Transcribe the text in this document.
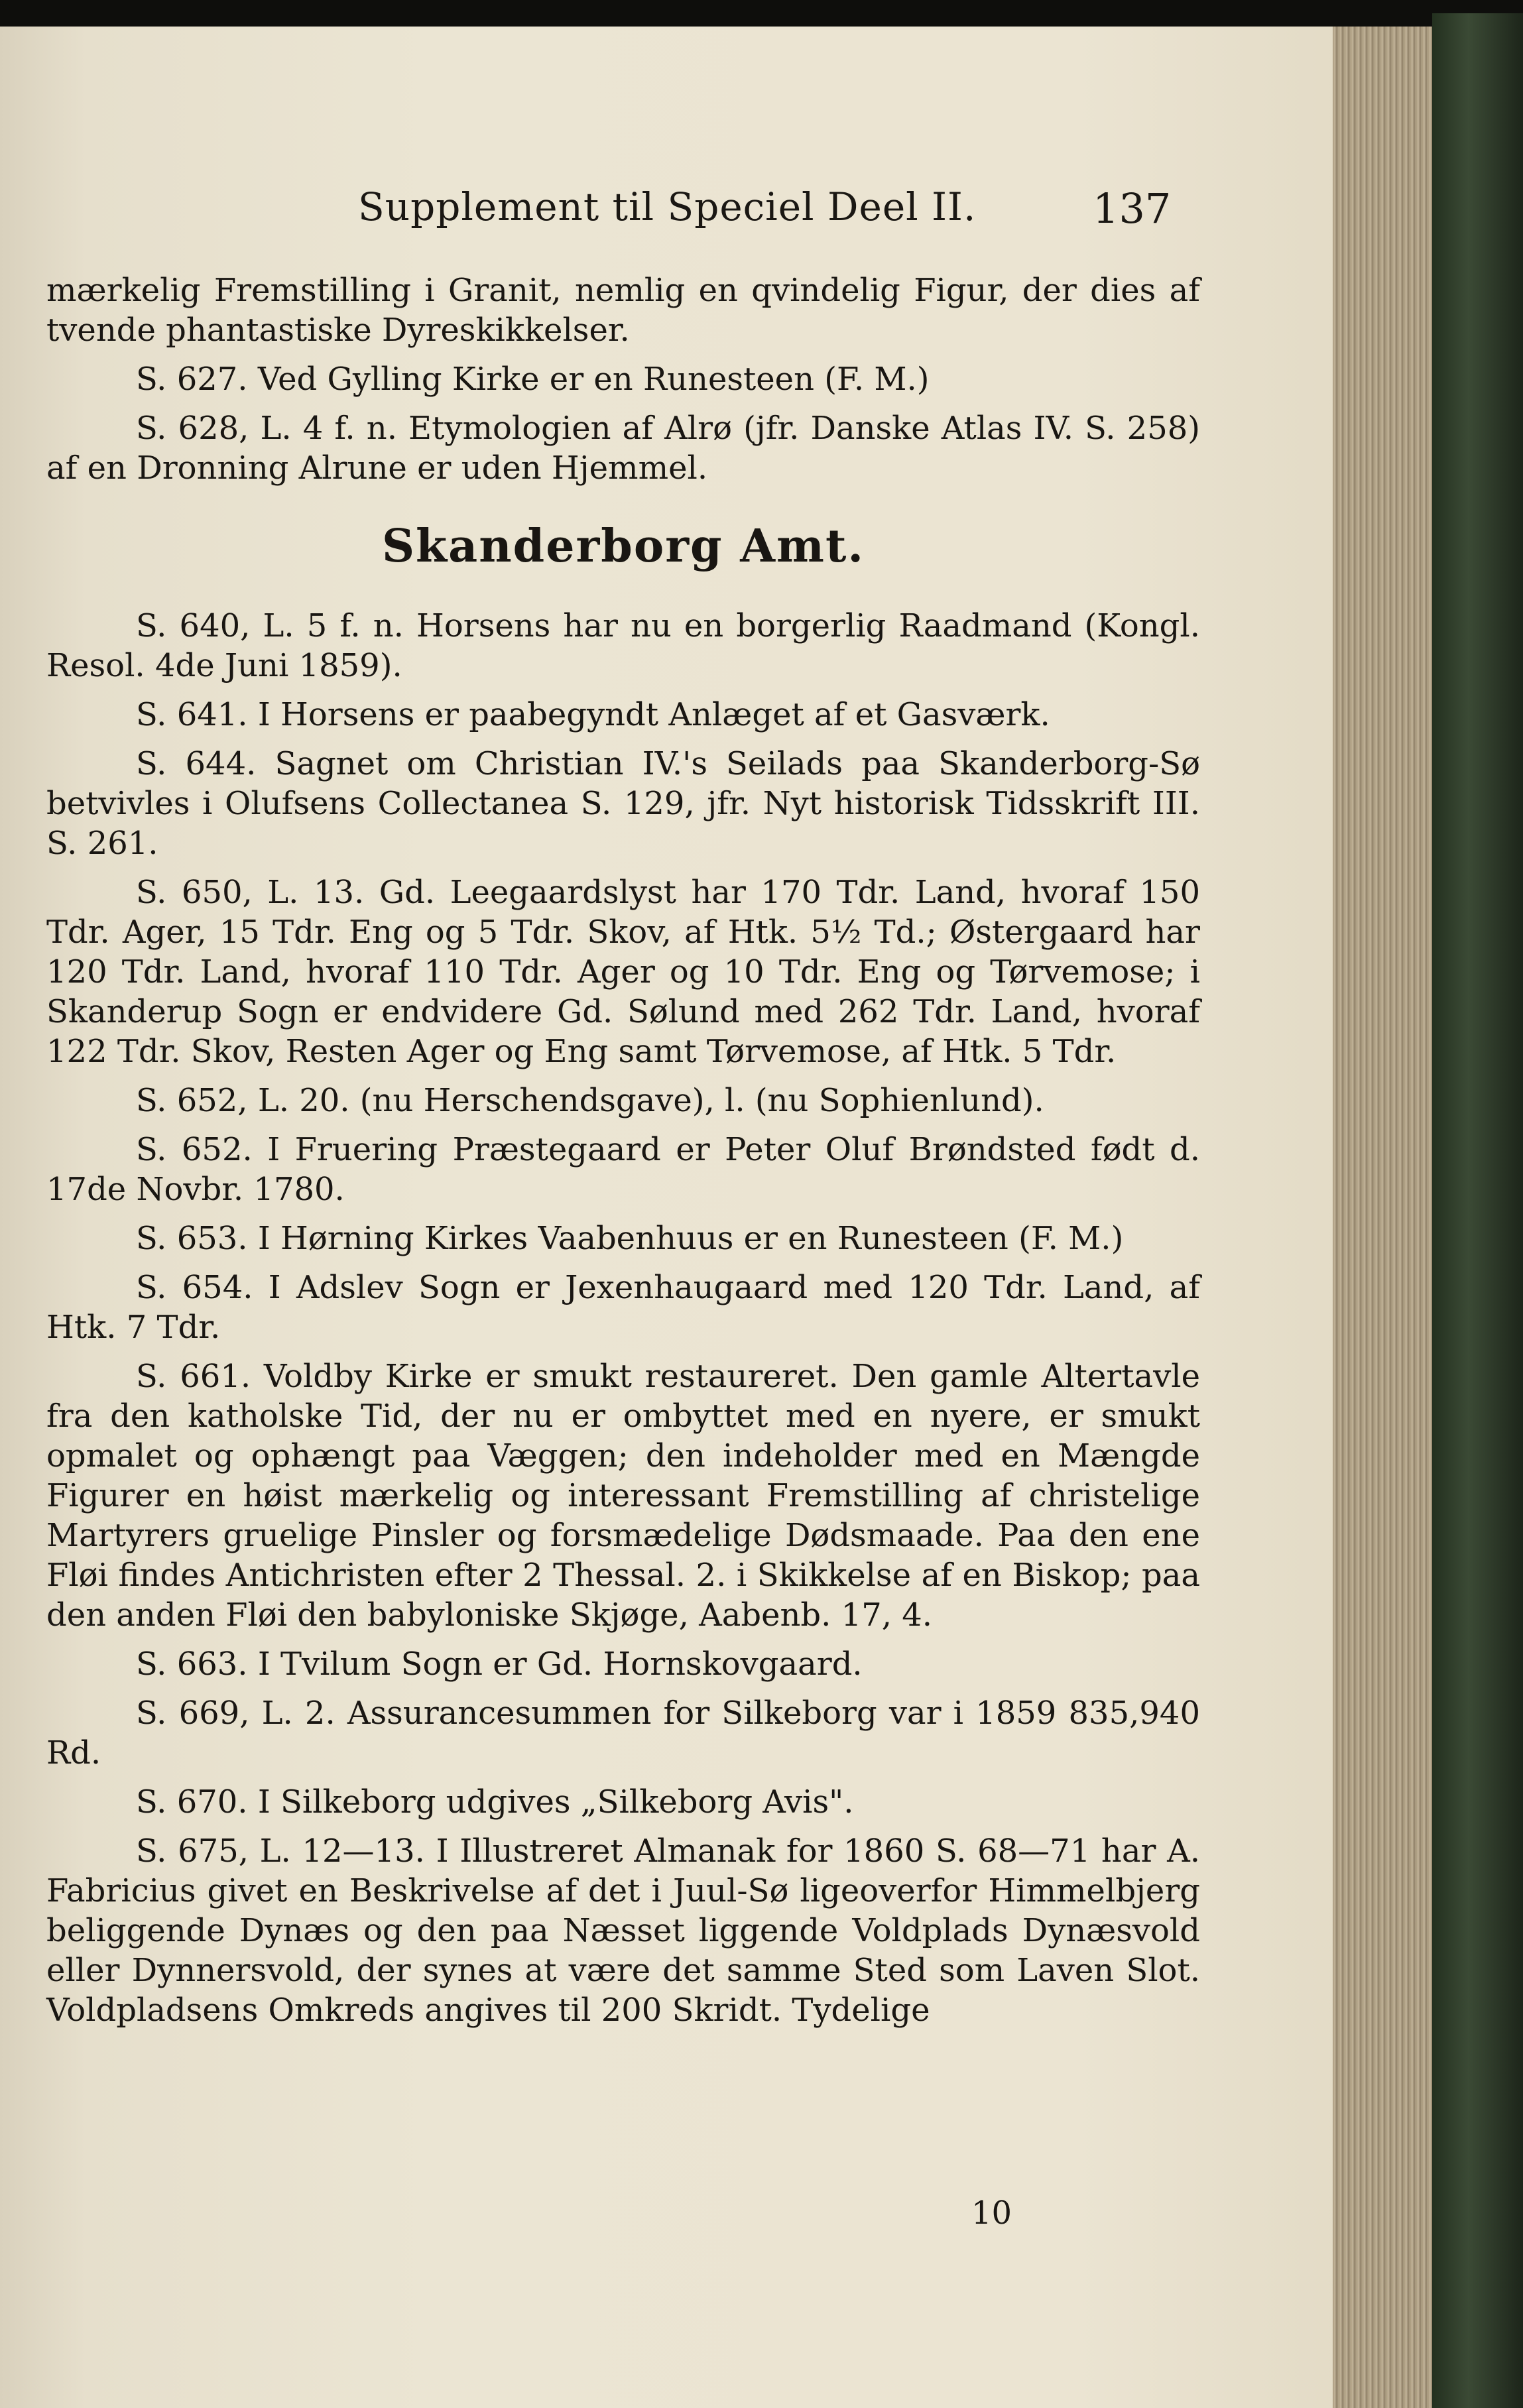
Supplement til Speciel Deel II.	137

mærkelig Fremstilling i Granit, nemlig en qvindelig Figur, der dies af tvende phantastiske Dyreskikkelser.

S. 627. Ved Gylling Kirke er en Runesteen (F. M.)

S. 628, L. 4 f. n. Etymologien af Alrø (jfr. Danske Atlas IV. S. 258) af en Dronning Alrune er uden Hjemmel.

Skanderborg Amt.

S. 640, L. 5 f. n. Horsens har nu en borgerlig Raadmand (Kongl. Resol. 4de Juni 1859).

S. 641. I Horsens er paabegyndt Anlæget af et Gasværk.

S. 644. Sagnet om Christian IV.'s Seilads paa Skanderborg-Sø betvivles i Olufsens Collectanea S. 129, jfr. Nyt historisk Tidsskrift III. S. 261.

S. 650, L. 13. Gd. Leegaardslyst har 170 Tdr. Land, hvoraf 150 Tdr. Ager, 15 Tdr. Eng og 5 Tdr. Skov, af Htk. 5½ Td.; Østergaard har 120 Tdr. Land, hvoraf 110 Tdr. Ager og 10 Tdr. Eng og Tørvemose; i Skanderup Sogn er endvidere Gd. Sølund med 262 Tdr. Land, hvoraf 122 Tdr. Skov, Resten Ager og Eng samt Tørvemose, af Htk. 5 Tdr.

S. 652, L. 20. (nu Herschendsgave), l. (nu Sophienlund).

S. 652. I Fruering Præstegaard er Peter Oluf Brøndsted født d. 17de Novbr. 1780.

S. 653. I Hørning Kirkes Vaabenhuus er en Runesteen (F. M.)

S. 654. I Adslev Sogn er Jexenhaugaard med 120 Tdr. Land, af Htk. 7 Tdr.

S. 661. Voldby Kirke er smukt restaureret. Den gamle Altertavle fra den katholske Tid, der nu er ombyttet med en nyere, er smukt opmalet og ophængt paa Væggen; den indeholder med en Mængde Figurer en høist mærkelig og interessant Fremstilling af christelige Martyrers gruelige Pinsler og forsmædelige Dødsmaade. Paa den ene Fløi findes Antichristen efter 2 Thessal. 2. i Skikkelse af en Biskop; paa den anden Fløi den babyloniske Skjøge, Aabenb. 17, 4.

S. 663. I Tvilum Sogn er Gd. Hornskovgaard.

S. 669, L. 2. Assurancesummen for Silkeborg var i 1859 835,940 Rd.

S. 670. I Silkeborg udgives „Silkeborg Avis".

S. 675, L. 12—13. I Illustreret Almanak for 1860 S. 68—71 har A. Fabricius givet en Beskrivelse af det i Juul-Sø ligeoverfor Himmelbjerg beliggende Dynæs og den paa Næsset liggende Voldplads Dynæsvold eller Dynnersvold, der synes at være det samme Sted som Laven Slot. Voldpladsens Omkreds angives til 200 Skridt. Tydelige

10
